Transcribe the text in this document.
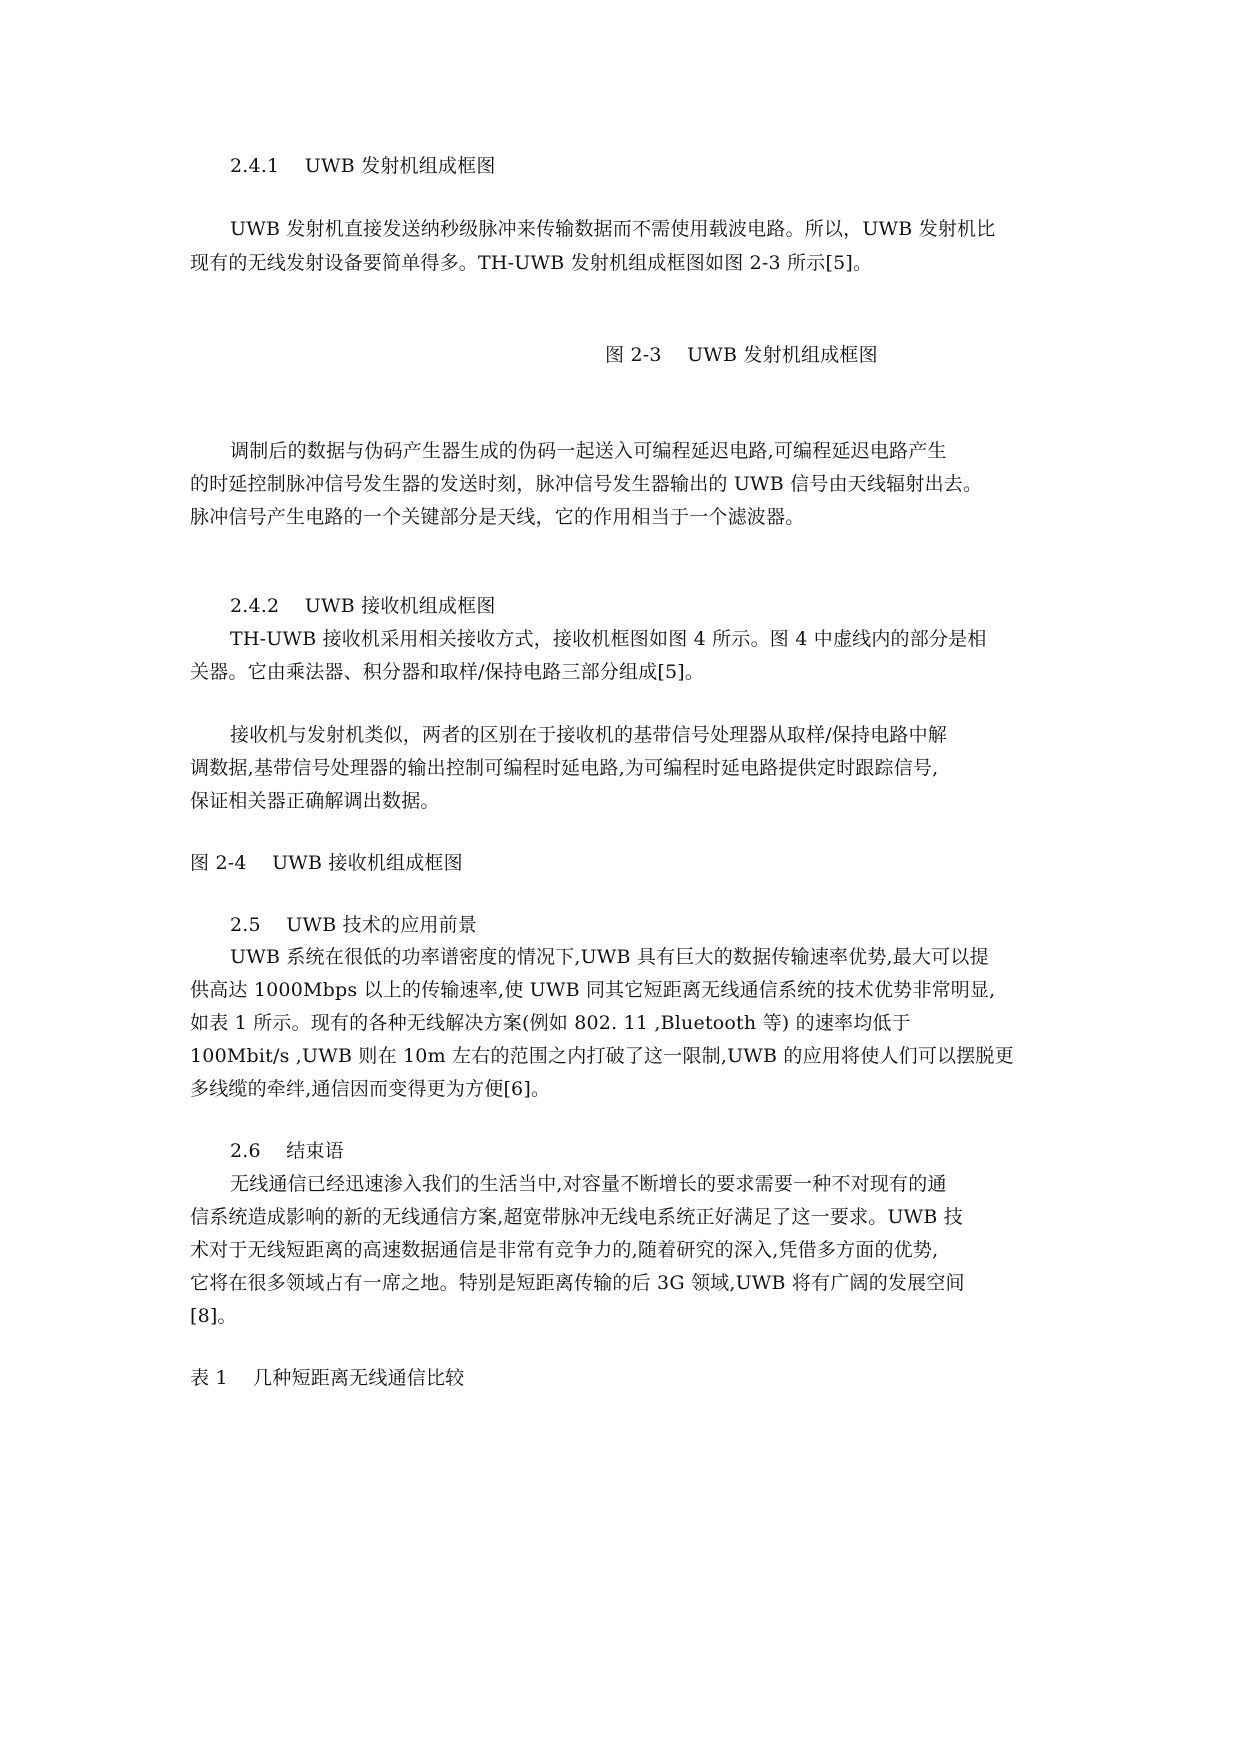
2.4.1　 UWB 发射机组成框图
UWB 发射机直接发送纳秒级脉冲来传输数据而不需使用载波电路。所以，UWB 发射机比
现有的无线发射设备要简单得多。TH-UWB 发射机组成框图如图 2-3 所示[5]。
图 2-3　 UWB 发射机组成框图
调制后的数据与伪码产生器生成的伪码一起送入可编程延迟电路,可编程延迟电路产生
的时延控制脉冲信号发生器的发送时刻，脉冲信号发生器输出的 UWB 信号由天线辐射出去。
脉冲信号产生电路的一个关键部分是天线，它的作用相当于一个滤波器。
2.4.2　 UWB 接收机组成框图
TH-UWB 接收机采用相关接收方式，接收机框图如图 4 所示。图 4 中虚线内的部分是相
关器。它由乘法器、积分器和取样/保持电路三部分组成[5]。
接收机与发射机类似，两者的区别在于接收机的基带信号处理器从取样/保持电路中解
调数据,基带信号处理器的输出控制可编程时延电路,为可编程时延电路提供定时跟踪信号,
保证相关器正确解调出数据。
图 2-4　 UWB 接收机组成框图
2.5　 UWB 技术的应用前景
UWB 系统在很低的功率谱密度的情况下,UWB 具有巨大的数据传输速率优势,最大可以提
供高达 1000Mbps 以上的传输速率,使 UWB 同其它短距离无线通信系统的技术优势非常明显,
如表 1 所示。现有的各种无线解决方案(例如 802. 11 ,Bluetooth 等) 的速率均低于
100Mbit/s ,UWB 则在 10m 左右的范围之内打破了这一限制,UWB 的应用将使人们可以摆脱更
多线缆的牵绊,通信因而变得更为方便[6]。
2.6　 结束语
无线通信已经迅速渗入我们的生活当中,对容量不断增长的要求需要一种不对现有的通
信系统造成影响的新的无线通信方案,超宽带脉冲无线电系统正好满足了这一要求。UWB 技
术对于无线短距离的高速数据通信是非常有竞争力的,随着研究的深入,凭借多方面的优势,
它将在很多领域占有一席之地。特别是短距离传输的后 3G 领域,UWB 将有广阔的发展空间
[8]。
表 1　 几种短距离无线通信比较
